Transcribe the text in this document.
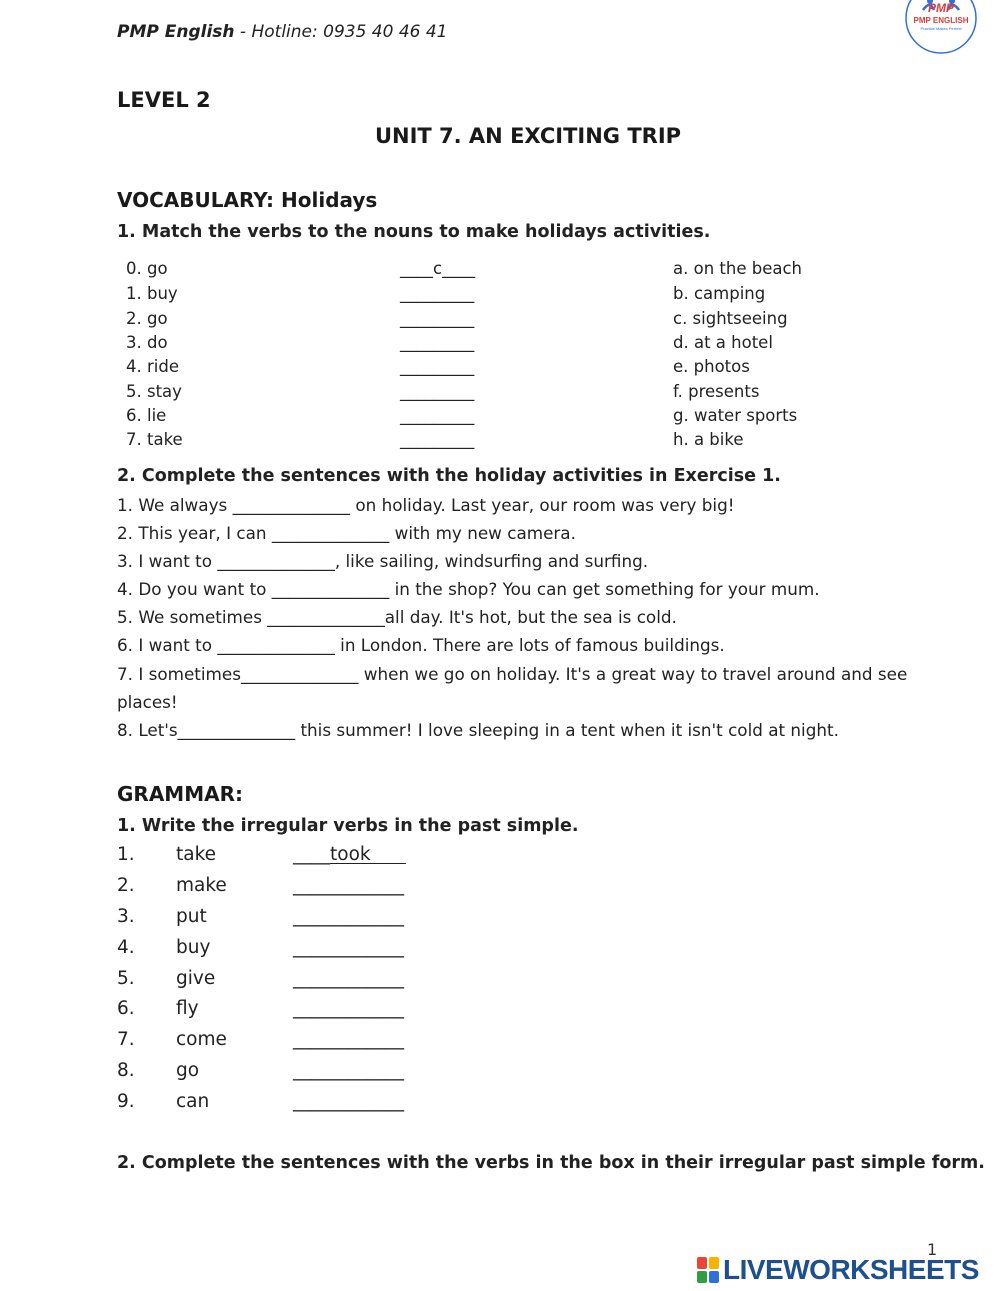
PMP English - Hotline: 0935 40 46 41
PMP
PMP ENGLISH
Practice Makes Perfect
LEVEL 2
UNIT 7. AN EXCITING TRIP
VOCABULARY: Holidays
1. Match the verbs to the nouns to make holidays activities.
0. go	____c____	a. on the beach
1. buy	_________	b. camping
2. go	_________	c. sightseeing
3. do	_________	d. at a hotel
4. ride	_________	e. photos
5. stay	_________	f. presents
6. lie	_________	g. water sports
7. take	_________	h. a bike
2. Complete the sentences with the holiday activities in Exercise 1.
1. We always ______________ on holiday. Last year, our room was very big!
2. This year, I can ______________ with my new camera.
3. I want to ______________, like sailing, windsurfing and surfing.
4. Do you want to ______________ in the shop? You can get something for your mum.
5. We sometimes ______________all day. It's hot, but the sea is cold.
6. I want to ______________ in London. There are lots of famous buildings.
7. I sometimes______________ when we go on holiday. It's a great way to travel around and see
places!
8. Let's______________ this summer! I love sleeping in a tent when it isn't cold at night.
GRAMMAR:
1. Write the irregular verbs in the past simple.
1. take	____took
2. make	____________
3. put	____________
4. buy	____________
5. give	____________
6. fly	____________
7. come	____________
8. go	____________
9. can	____________
2. Complete the sentences with the verbs in the box in their irregular past simple form.
1
LIVEWORKSHEETS
